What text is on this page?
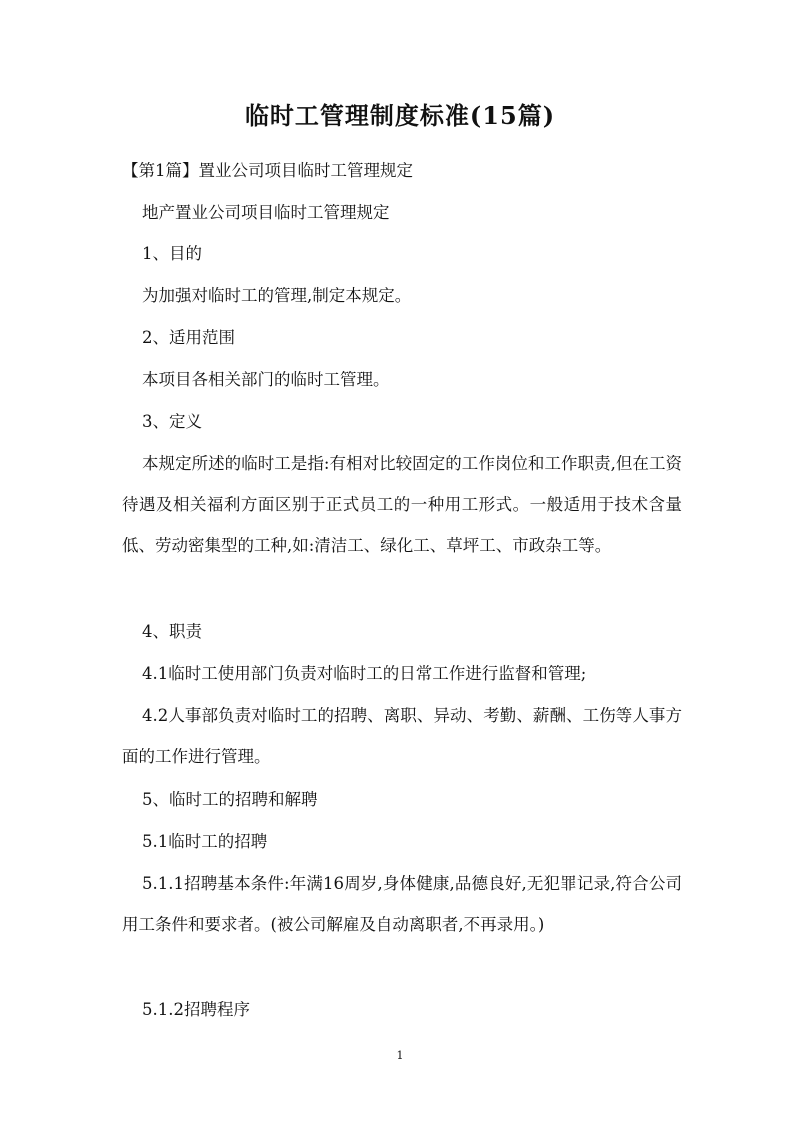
临时工管理制度标准(15篇)

【第1篇】置业公司项目临时工管理规定

地产置业公司项目临时工管理规定

1、目的

为加强对临时工的管理,制定本规定。

2、适用范围

本项目各相关部门的临时工管理。

3、定义

本规定所述的临时工是指:有相对比较固定的工作岗位和工作职责,但在工资待遇及相关福利方面区别于正式员工的一种用工形式。一般适用于技术含量低、劳动密集型的工种,如:清洁工、绿化工、草坪工、市政杂工等。

4、职责

4.1临时工使用部门负责对临时工的日常工作进行监督和管理;

4.2人事部负责对临时工的招聘、离职、异动、考勤、薪酬、工伤等人事方面的工作进行管理。

5、临时工的招聘和解聘

5.1临时工的招聘

5.1.1招聘基本条件:年满16周岁,身体健康,品德良好,无犯罪记录,符合公司用工条件和要求者。(被公司解雇及自动离职者,不再录用。)

5.1.2招聘程序

1
